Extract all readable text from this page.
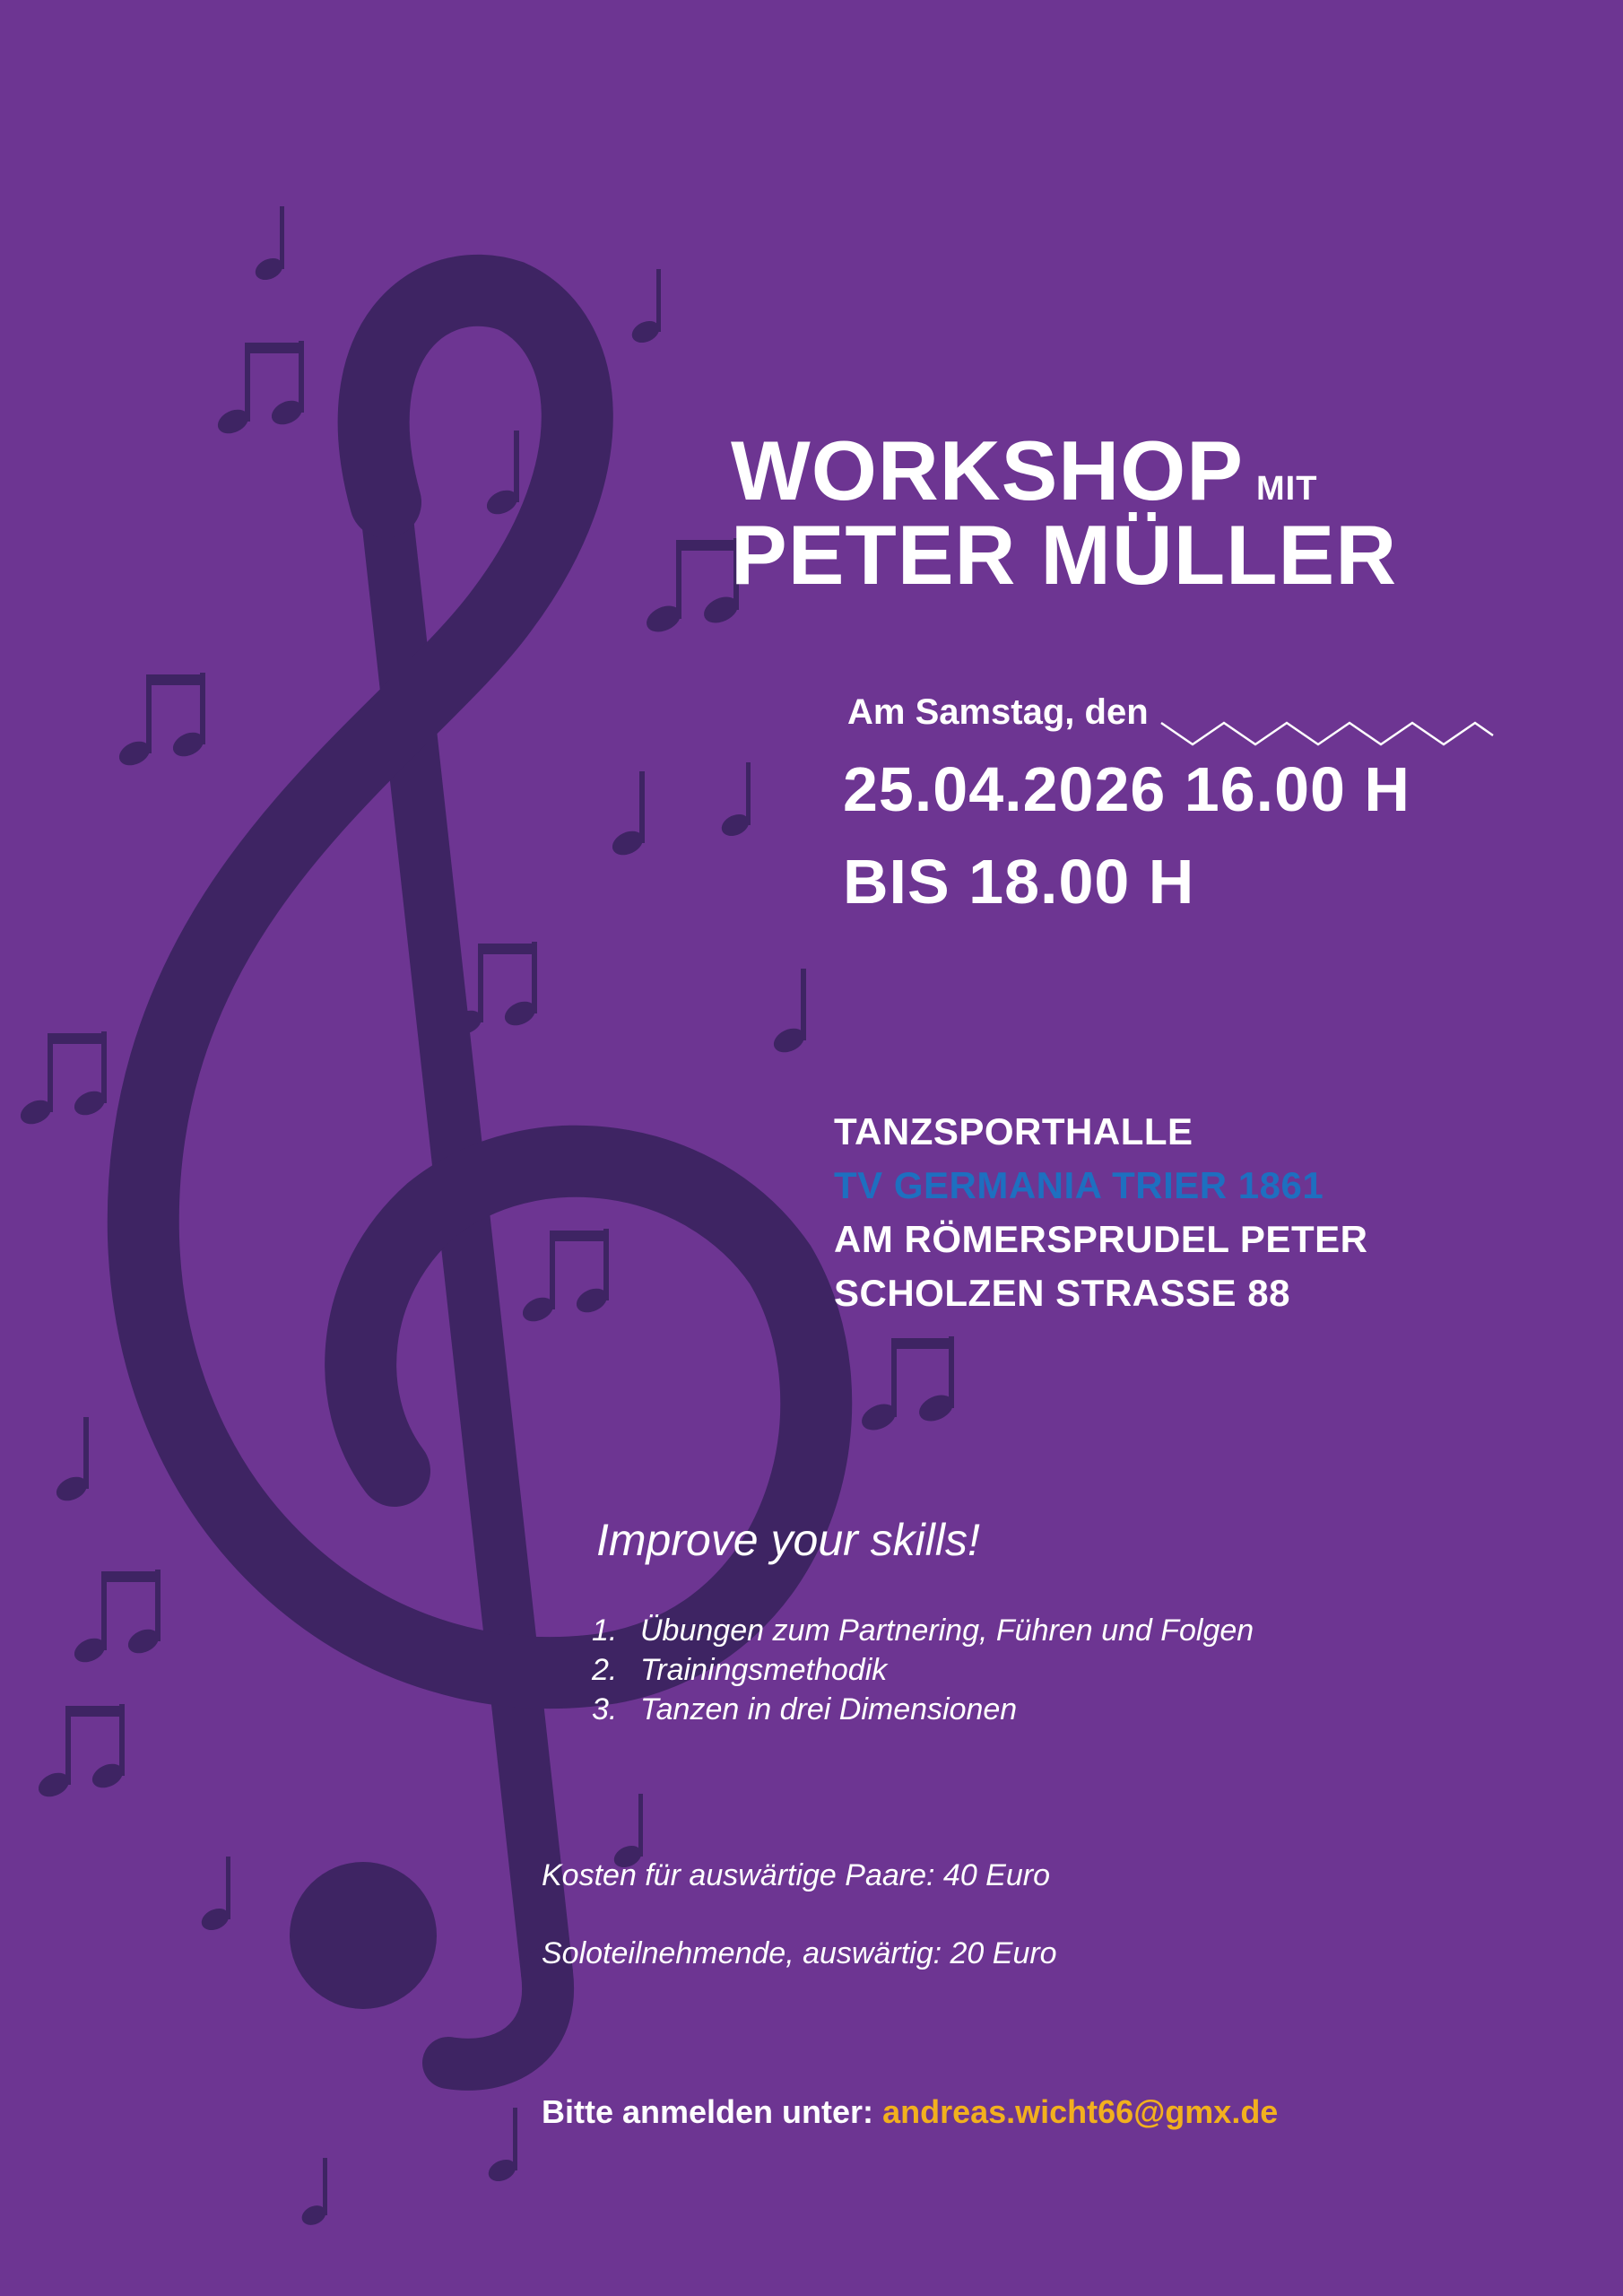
WORKSHOP MIT
PETER MÜLLER
Am Samstag, den
25.04.2026 16.00 H
BIS 18.00 H
TANZSPORTHALLE
TV GERMANIA TRIER 1861
AM RÖMERSPRUDEL PETER
SCHOLZEN STRASSE 88
Improve your skills!
1. Übungen zum Partnering, Führen und Folgen
2. Trainingsmethodik
3. Tanzen in drei Dimensionen
Kosten für auswärtige Paare: 40 Euro
Soloteilnehmende, auswärtig: 20 Euro
Bitte anmelden unter: andreas.wicht66@gmx.de
